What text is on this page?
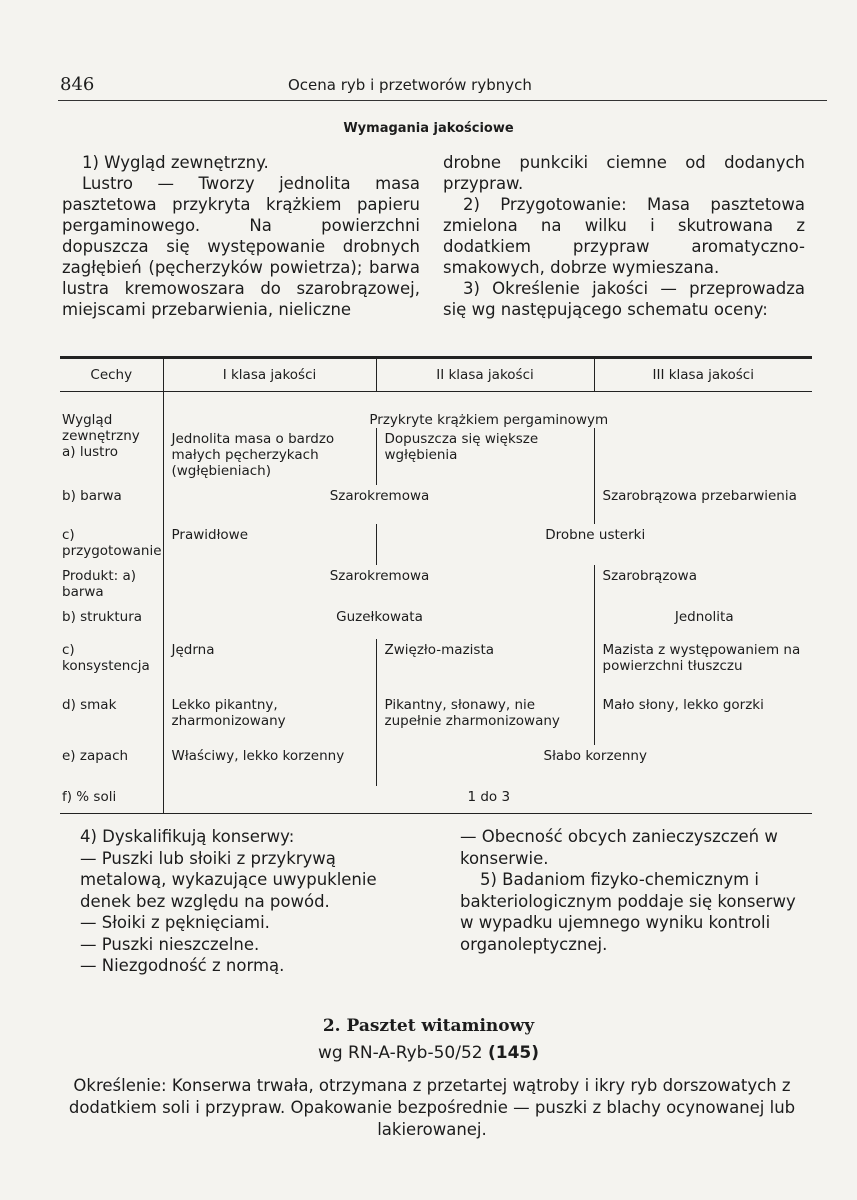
846	Ocena ryb i przetworów rybnych
Wymagania jakościowe

1) Wygląd zewnętrzny.

Lustro — Tworzy jednolita masa pasztetowa przykryta krążkiem papieru pergaminowego. Na powierzchni dopuszcza się występowanie drobnych zagłębień (pęcherzyków powietrza); barwa lustra kremowoszara do szarobrązowej, miejscami przebarwienia, nieliczne

drobne punkciki ciemne od dodanych przypraw.

2) Przygotowanie: Masa pasztetowa zmielona na wilku i skutrowana z dodatkiem przypraw aromatyczno-smakowych, dobrze wymieszana.

3) Określenie jakości — przeprowadza się wg następującego schematu oceny:

Cechy	I klasa jakości	II klasa jakości	III klasa jakości
Wygląd zewnętrzny a) lustro	Przykryte krążkiem pergaminowym		
	Jednolita masa o bardzo małych pęcherzykach (wgłębieniach)	Dopuszcza się większe wgłębienia	
b) barwa	Szarokremowa		Szarobrązowa przebarwienia
c) przygotowanie	Prawidłowe	Drobne usterki	
Produkt: a) barwa	Szarokremowa		Szarobrązowa
b) struktura	Guzełkowata		Jednolita
c) konsystencja	Jędrna	Zwięzło-mazista	Mazista z występowaniem na powierzchni tłuszczu
d) smak	Lekko pikantny, zharmonizowany	Pikantny, słonawy, nie zupełnie zharmonizowany	Mało słony, lekko gorzki
e) zapach	Właściwy, lekko korzenny	Słabo korzenny	
f) % soli	1 do 3		

4) Dyskalifikują konserwy:

— Puszki lub słoiki z przykrywą metalową, wykazujące uwypuklenie denek bez względu na powód.

— Słoiki z pęknięciami.

— Puszki nieszczelne.

— Niezgodność z normą.

— Obecność obcych zanieczyszczeń w konserwie.

5) Badaniom fizyko-chemicznym i bakteriologicznym poddaje się konserwy w wypadku ujemnego wyniku kontroli organoleptycznej.

2. Pasztet witaminowy
wg RN-A-Ryb-50/52 (145)
Określenie: Konserwa trwała, otrzymana z przetartej wątroby i ikry ryb dorszowatych z dodatkiem soli i przypraw. Opakowanie bezpośrednie — puszki z blachy ocynowanej lub lakierowanej.
